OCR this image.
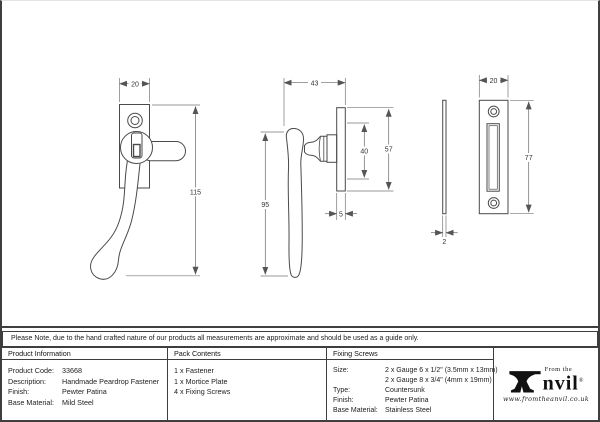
20
115
43
95
40 57
5
20
77
2
Please Note, due to the hand crafted nature of our products all measurements are approximate and should be used as a guide only.
Product Information
Product Code:	33668
Description:	Handmade Peardrop Fastener
Finish:	Pewter Patina
Base Material:	Mild Steel
Pack Contents
1 x Fastener
1 x Mortice Plate
4 x Fixing Screws
Fixing Screws
Size:	2 x Gauge 6 x 1/2" (3.5mm x 13mm)
2 x Gauge 8 x 3/4" (4mm x 19mm)
Type:	Countersunk
Finish:	Pewter Patina
Base Material:	Stainless Steel
From the
nvil®
www.fromtheanvil.co.uk
